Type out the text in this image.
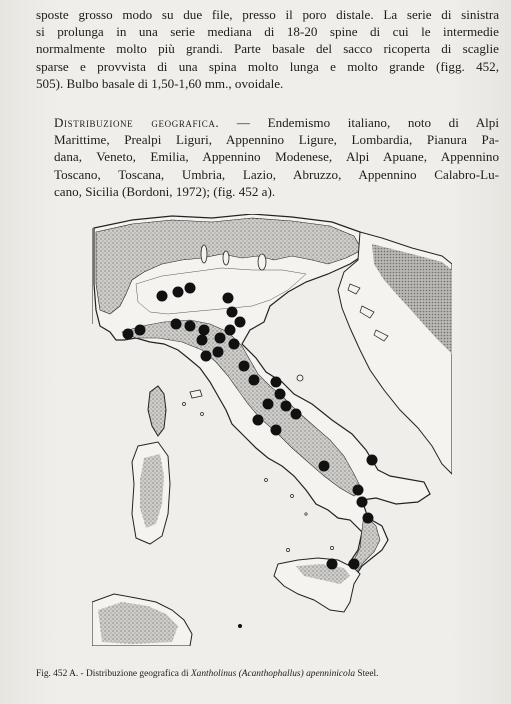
sposte grosso modo su due file, presso il poro distale. La serie di sinistra
si prolunga in una serie mediana di 18-20 spine di cui le intermedie
normalmente molto più grandi. Parte basale del sacco ricoperta di scaglie
sparse e provvista di una spina molto lunga e molto grande (figg. 452,
505). Bulbo basale di 1,50-1,60 mm., ovoidale.

Distribuzione geografica. — Endemismo italiano, noto di Alpi
Marittime, Prealpi Liguri, Appennino Ligure, Lombardia, Pianura Pa-
dana, Veneto, Emilia, Appennino Modenese, Alpi Apuane, Appennino
Toscano, Toscana, Umbria, Lazio, Abruzzo, Appennino Calabro-Lu-
cano, Sicilia (Bordoni, 1972); (fig. 452 a).

Fig. 452 A. - Distribuzione geografica di Xantholinus (Acanthophallus) apenninicola Steel.
